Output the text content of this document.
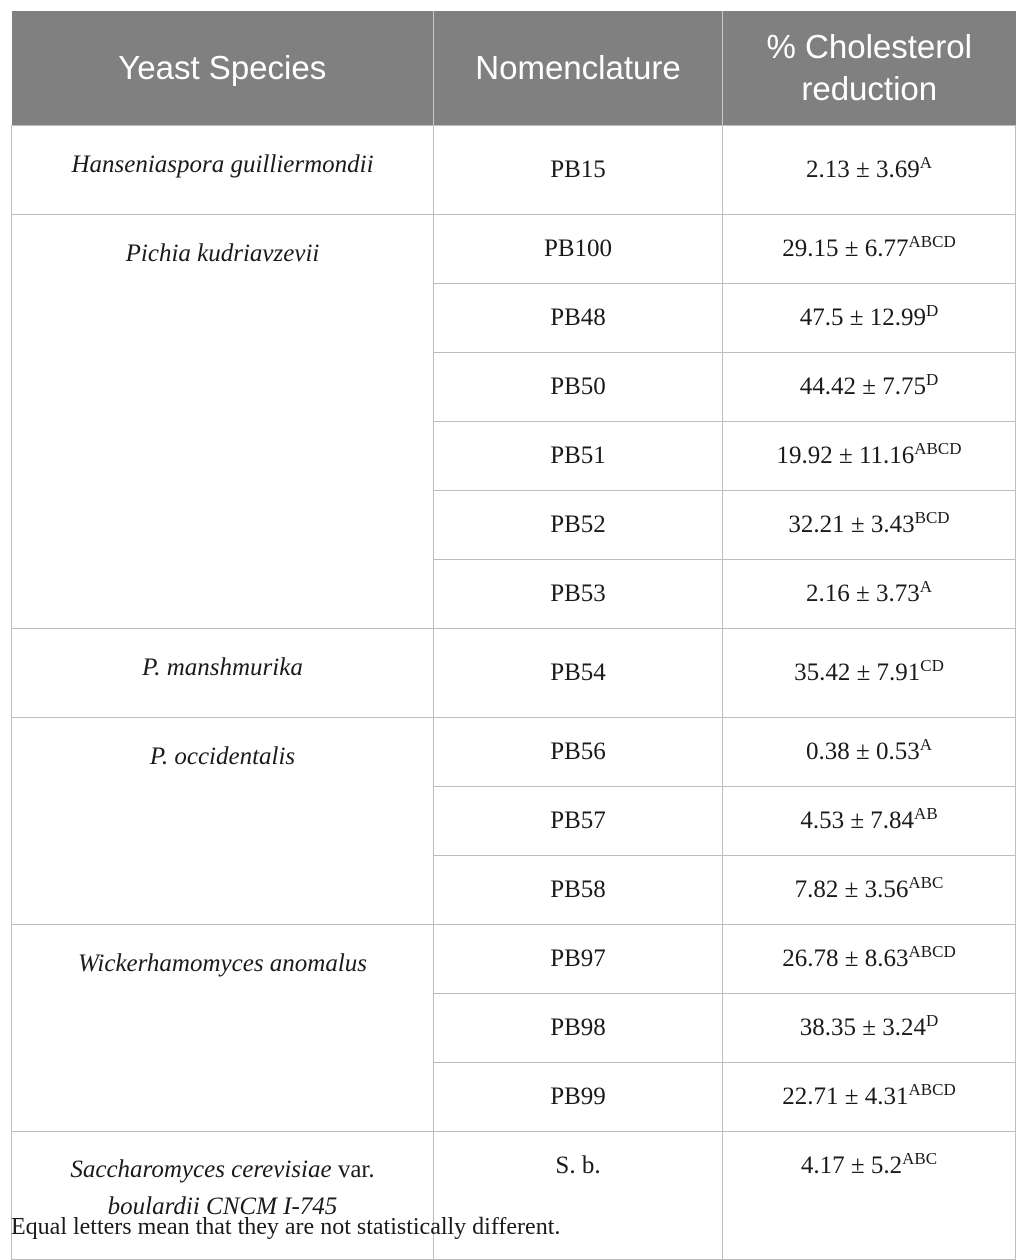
Yeast Species	Nomenclature	% Cholesterol
reduction
Hanseniaspora guilliermondii	PB15	$2.13 \pm 3.69^A$
Pichia kudriavzevii	PB100	$29.15 \pm 6.77^{ABCD}$
	PB48	$47.5 \pm 12.99^D$
	PB50	$44.42 \pm 7.75^D$
	PB51	$19.92 \pm 11.16^{ABCD}$
	PB52	$32.21 \pm 3.43^{BCD}$
	PB53	$2.16 \pm 3.73^A$
P. manshmurika	PB54	$35.42 \pm 7.91^{CD}$
P. occidentalis	PB56	$0.38 \pm 0.53^A$
	PB57	$4.53 \pm 7.84^{AB}$
	PB58	$7.82 \pm 3.56^{ABC}$
Wickerhamomyces anomalus	PB97	$26.78 \pm 8.63^{ABCD}$
	PB98	$38.35 \pm 3.24^D$
	PB99	$22.71 \pm 4.31^{ABCD}$
Saccharomyces cerevisiae var.
boulardii CNCM I-745	S. b.	$4.17 \pm 5.2^{ABC}$
Equal letters mean that they are not statistically different.
